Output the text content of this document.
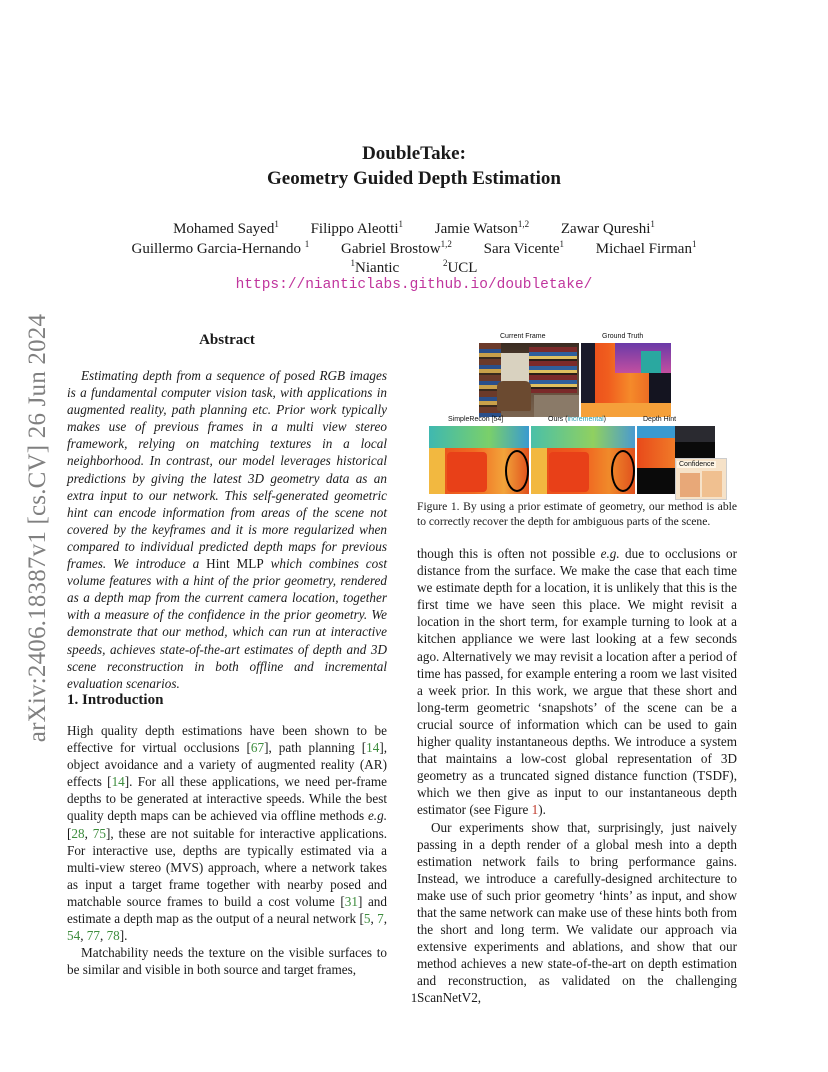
DoubleTake:
Geometry Guided Depth Estimation
Mohamed Sayed$^1$ Filippo Aleotti$^1$ Jamie Watson$^{1,2}$ Zawar Qureshi$^1$
Guillermo Garcia-Hernando $^1$ Gabriel Brostow$^{1,2}$ Sara Vicente$^1$ Michael Firman$^1$
$^1$Niantic	$^2$UCL
https://nianticlabs.github.io/doubletake/
arXiv:2406.18387v1 [cs.CV] 26 Jun 2024	Abstract

Estimating depth from a sequence of posed RGB images is a fundamental computer vision task, with applications in augmented reality, path planning etc. Prior work typically makes use of previous frames in a multi view stereo framework, relying on matching textures in a local neighborhood. In contrast, our model leverages historical predictions by giving the latest 3D geometry data as an extra input to our network. This self-generated geometric hint can encode information from areas of the scene not covered by the keyframes and it is more regularized when compared to individual predicted depth maps for previous frames. We introduce a Hint MLP which combines cost volume features with a hint of the prior geometry, rendered as a depth map from the current camera location, together with a measure of the confidence in the prior geometry. We demonstrate that our method, which can run at interactive speeds, achieves state-of-the-art estimates of depth and 3D scene reconstruction in both offline and incremental evaluation scenarios.

1. Introduction

High quality depth estimations have been shown to be effective for virtual occlusions [67], path planning [14], object avoidance and a variety of augmented reality (AR) effects [14]. For all these applications, we need per-frame depths to be generated at interactive speeds. While the best quality depth maps can be achieved via offline methods e.g. [28, 75], these are not suitable for interactive applications. For interactive use, depths are typically estimated via a multi-view stereo (MVS) approach, where a network takes as input a target frame together with nearby posed and matchable source frames to build a cost volume [31] and estimate a depth map as the output of a neural network [5, 7, 54, 77, 78].

Matchability needs the texture on the visible surfaces to be similar and visible in both source and target frames,

Current Frame	Ground Truth
SimpleRecon [54]	Ours (incremental)	Depth Hint
Confidence
Figure 1. By using a prior estimate of geometry, our method is able to correctly recover the depth for ambiguous parts of the scene.

though this is often not possible e.g. due to occlusions or distance from the surface. We make the case that each time we estimate depth for a location, it is unlikely that this is the first time we have seen this place. We might revisit a location in the short term, for example turning to look at a kitchen appliance we were last looking at a few seconds ago. Alternatively we may revisit a location after a period of time has passed, for example entering a room we last visited a week prior. In this work, we argue that these short and long-term geometric ‘snapshots’ of the scene can be a crucial source of information which can be used to gain higher quality instantaneous depths. We introduce a system that maintains a low-cost global representation of 3D geometry as a truncated signed distance function (TSDF), which we then give as input to our instantaneous depth estimator (see Figure 1).

Our experiments show that, surprisingly, just naively passing in a depth render of a global mesh into a depth estimation network fails to bring performance gains. Instead, we introduce a carefully-designed architecture to make use of such prior geometry ‘hints’ as input, and show that the same network can make use of these hints both from the short and long term. We validate our approach via extensive experiments and ablations, and show that our method achieves a new state-of-the-art on depth estimation and reconstruction, as validated on the challenging ScanNetV2,

1
